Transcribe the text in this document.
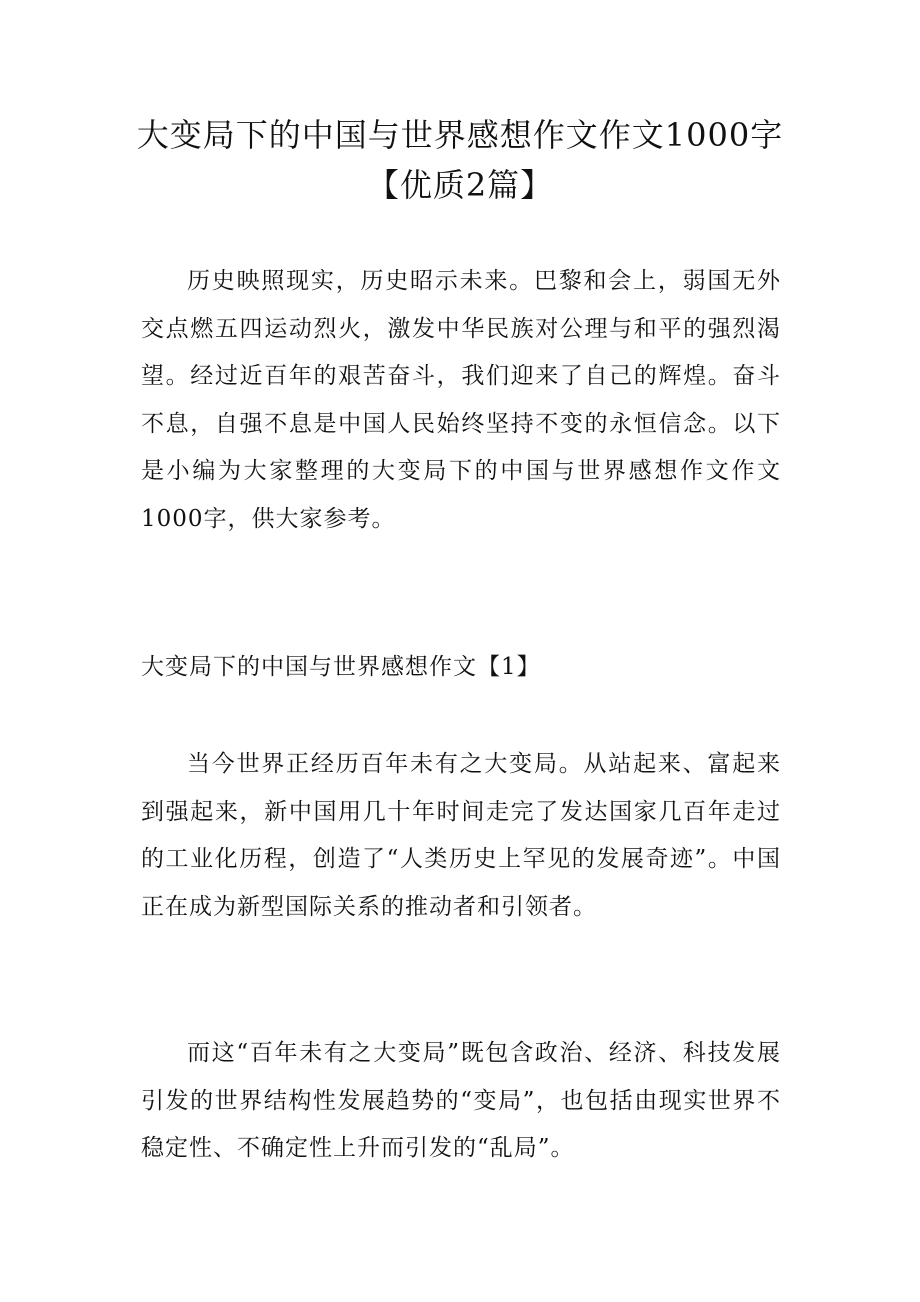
大变局下的中国与世界感想作文作文1000字【优质2篇】

历史映照现实，历史昭示未来。巴黎和会上，弱国无外交点燃五四运动烈火，激发中华民族对公理与和平的强烈渴望。经过近百年的艰苦奋斗，我们迎来了自己的辉煌。奋斗不息，自强不息是中国人民始终坚持不变的永恒信念。以下是小编为大家整理的大变局下的中国与世界感想作文作文1000字，供大家参考。

大变局下的中国与世界感想作文【1】

当今世界正经历百年未有之大变局。从站起来、富起来到强起来，新中国用几十年时间走完了发达国家几百年走过的工业化历程，创造了“人类历史上罕见的发展奇迹”。中国正在成为新型国际关系的推动者和引领者。

而这“百年未有之大变局”既包含政治、经济、科技发展引发的世界结构性发展趋势的“变局”，也包括由现实世界不稳定性、不确定性上升而引发的“乱局”。
